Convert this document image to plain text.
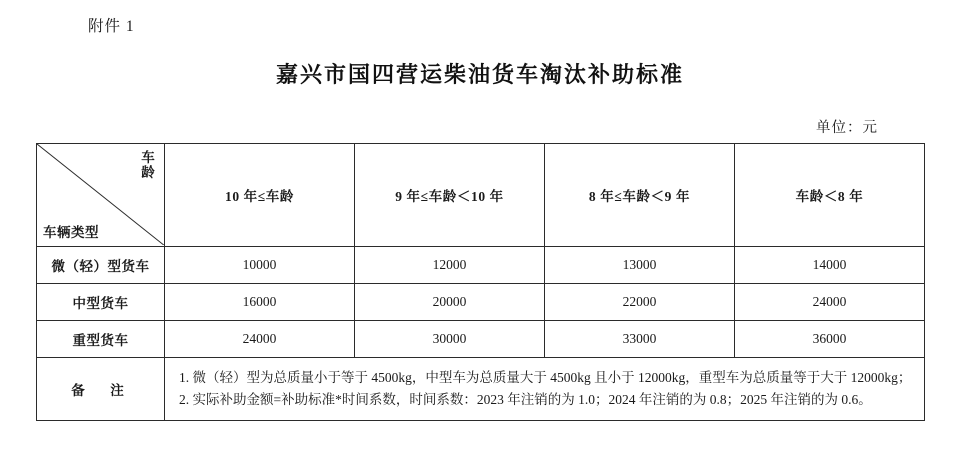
附件 1
嘉兴市国四营运柴油货车淘汰补助标准
单位：元
车龄
车辆类型	10 年≤车龄	9 年≤车龄＜10 年	8 年≤车龄＜9 年	车龄＜8 年
微（轻）型货车	10000	12000	13000	14000
中型货车	16000	20000	22000	24000
重型货车	24000	30000	33000	36000
备　注	
1. 微（轻）型为总质量小于等于 4500kg，中型车为总质量大于 4500kg 且小于 12000kg，重型车为总质量等于大于 12000kg；
2. 实际补助金额=补助标准*时间系数，时间系数：2023 年注销的为 1.0；2024 年注销的为 0.8；2025 年注销的为 0.6。
